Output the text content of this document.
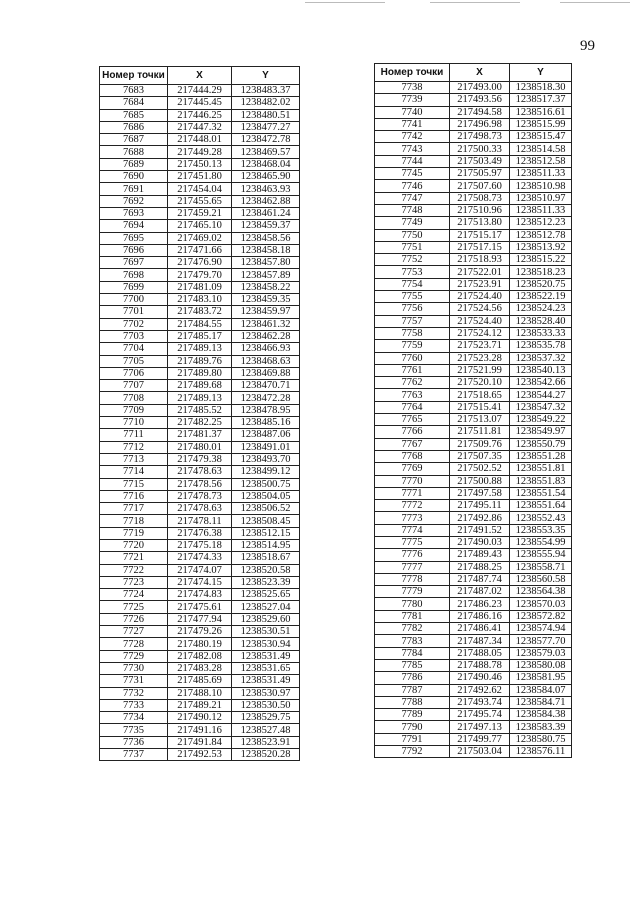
99
Номер точки	X	Y
7683	217444.29	1238483.37
7684	217445.45	1238482.02
7685	217446.25	1238480.51
7686	217447.32	1238477.27
7687	217448.01	1238472.78
7688	217449.28	1238469.57
7689	217450.13	1238468.04
7690	217451.80	1238465.90
7691	217454.04	1238463.93
7692	217455.65	1238462.88
7693	217459.21	1238461.24
7694	217465.10	1238459.37
7695	217469.02	1238458.56
7696	217471.66	1238458.18
7697	217476.90	1238457.80
7698	217479.70	1238457.89
7699	217481.09	1238458.22
7700	217483.10	1238459.35
7701	217483.72	1238459.97
7702	217484.55	1238461.32
7703	217485.17	1238462.28
7704	217489.13	1238466.93
7705	217489.76	1238468.63
7706	217489.80	1238469.88
7707	217489.68	1238470.71
7708	217489.13	1238472.28
7709	217485.52	1238478.95
7710	217482.25	1238485.16
7711	217481.37	1238487.06
7712	217480.01	1238491.01
7713	217479.38	1238493.70
7714	217478.63	1238499.12
7715	217478.56	1238500.75
7716	217478.73	1238504.05
7717	217478.63	1238506.52
7718	217478.11	1238508.45
7719	217476.38	1238512.15
7720	217475.18	1238514.95
7721	217474.33	1238518.67
7722	217474.07	1238520.58
7723	217474.15	1238523.39
7724	217474.83	1238525.65
7725	217475.61	1238527.04
7726	217477.94	1238529.60
7727	217479.26	1238530.51
7728	217480.19	1238530.94
7729	217482.08	1238531.49
7730	217483.28	1238531.65
7731	217485.69	1238531.49
7732	217488.10	1238530.97
7733	217489.21	1238530.50
7734	217490.12	1238529.75
7735	217491.16	1238527.48
7736	217491.84	1238523.91
7737	217492.53	1238520.28
Номер точки	X	Y
7738	217493.00	1238518.30
7739	217493.56	1238517.37
7740	217494.58	1238516.61
7741	217496.98	1238515.99
7742	217498.73	1238515.47
7743	217500.33	1238514.58
7744	217503.49	1238512.58
7745	217505.97	1238511.33
7746	217507.60	1238510.98
7747	217508.73	1238510.97
7748	217510.96	1238511.33
7749	217513.80	1238512.23
7750	217515.17	1238512.78
7751	217517.15	1238513.92
7752	217518.93	1238515.22
7753	217522.01	1238518.23
7754	217523.91	1238520.75
7755	217524.40	1238522.19
7756	217524.56	1238524.23
7757	217524.40	1238528.40
7758	217524.12	1238533.33
7759	217523.71	1238535.78
7760	217523.28	1238537.32
7761	217521.99	1238540.13
7762	217520.10	1238542.66
7763	217518.65	1238544.27
7764	217515.41	1238547.32
7765	217513.07	1238549.22
7766	217511.81	1238549.97
7767	217509.76	1238550.79
7768	217507.35	1238551.28
7769	217502.52	1238551.81
7770	217500.88	1238551.83
7771	217497.58	1238551.54
7772	217495.11	1238551.64
7773	217492.86	1238552.43
7774	217491.52	1238553.35
7775	217490.03	1238554.99
7776	217489.43	1238555.94
7777	217488.25	1238558.71
7778	217487.74	1238560.58
7779	217487.02	1238564.38
7780	217486.23	1238570.03
7781	217486.16	1238572.82
7782	217486.41	1238574.94
7783	217487.34	1238577.70
7784	217488.05	1238579.03
7785	217488.78	1238580.08
7786	217490.46	1238581.95
7787	217492.62	1238584.07
7788	217493.74	1238584.71
7789	217495.74	1238584.38
7790	217497.13	1238583.39
7791	217499.77	1238580.75
7792	217503.04	1238576.11
